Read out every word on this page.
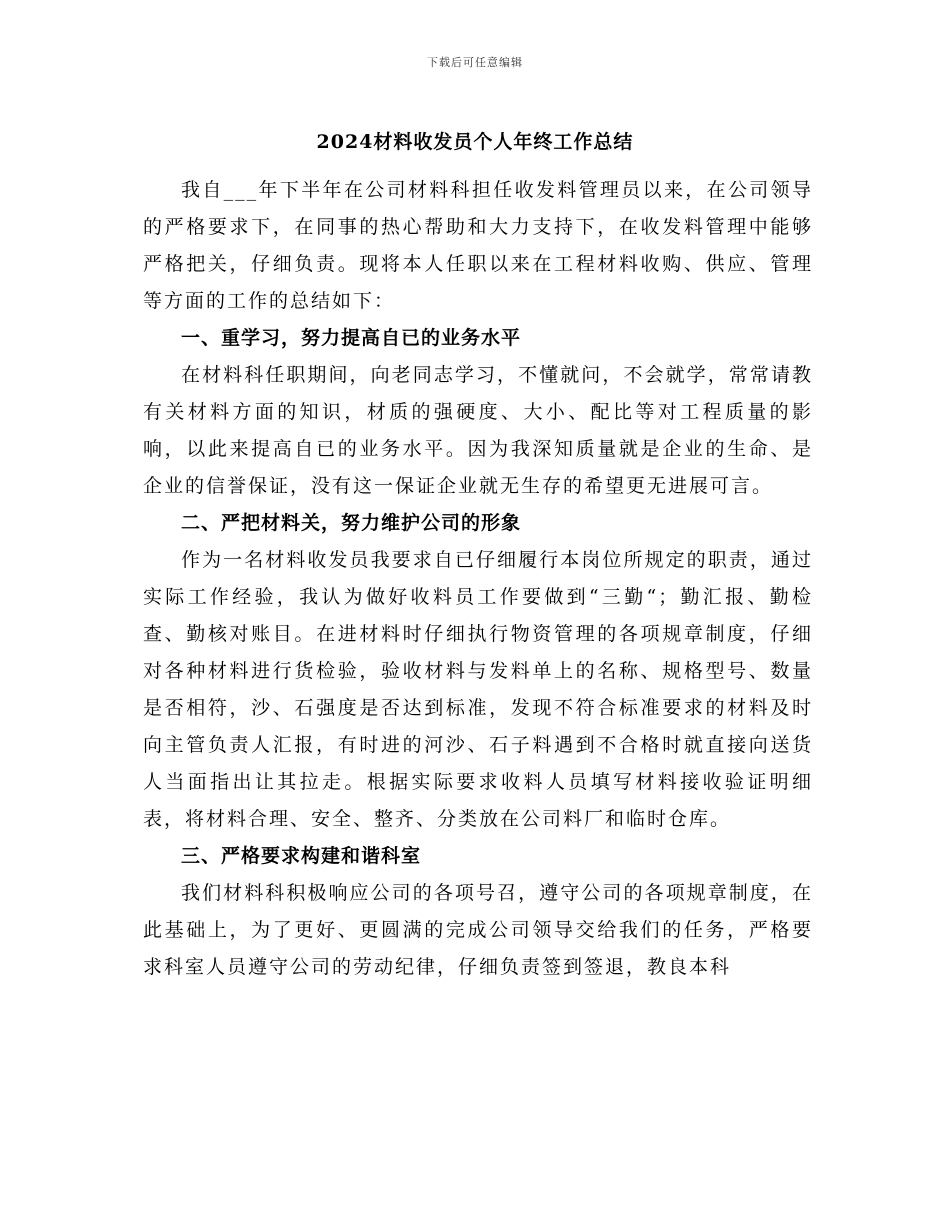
下载后可任意编辑
2024材料收发员个人年终工作总结

我自___年下半年在公司材料科担任收发料管理员以来，在公司领导的严格要求下，在同事的热心帮助和大力支持下，在收发料管理中能够严格把关，仔细负责。现将本人任职以来在工程材料收购、供应、管理等方面的工作的总结如下：

一、重学习，努力提高自已的业务水平

在材料科任职期间，向老同志学习，不懂就问，不会就学，常常请教有关材料方面的知识，材质的强硬度、大小、配比等对工程质量的影响，以此来提高自已的业务水平。因为我深知质量就是企业的生命、是企业的信誉保证，没有这一保证企业就无生存的希望更无进展可言。

二、严把材料关，努力维护公司的形象

作为一名材料收发员我要求自已仔细履行本岗位所规定的职责，通过实际工作经验，我认为做好收料员工作要做到“三勤“；勤汇报、勤检查、勤核对账目。在进材料时仔细执行物资管理的各项规章制度，仔细对各种材料进行货检验，验收材料与发料单上的名称、规格型号、数量是否相符，沙、石强度是否达到标准，发现不符合标准要求的材料及时向主管负责人汇报，有时进的河沙、石子料遇到不合格时就直接向送货人当面指出让其拉走。根据实际要求收料人员填写材料接收验证明细表，将材料合理、安全、整齐、分类放在公司料厂和临时仓库。

三、严格要求构建和谐科室

我们材料科积极响应公司的各项号召，遵守公司的各项规章制度，在此基础上，为了更好、更圆满的完成公司领导交给我们的任务，严格要求科室人员遵守公司的劳动纪律，仔细负责签到签退，教良本科
